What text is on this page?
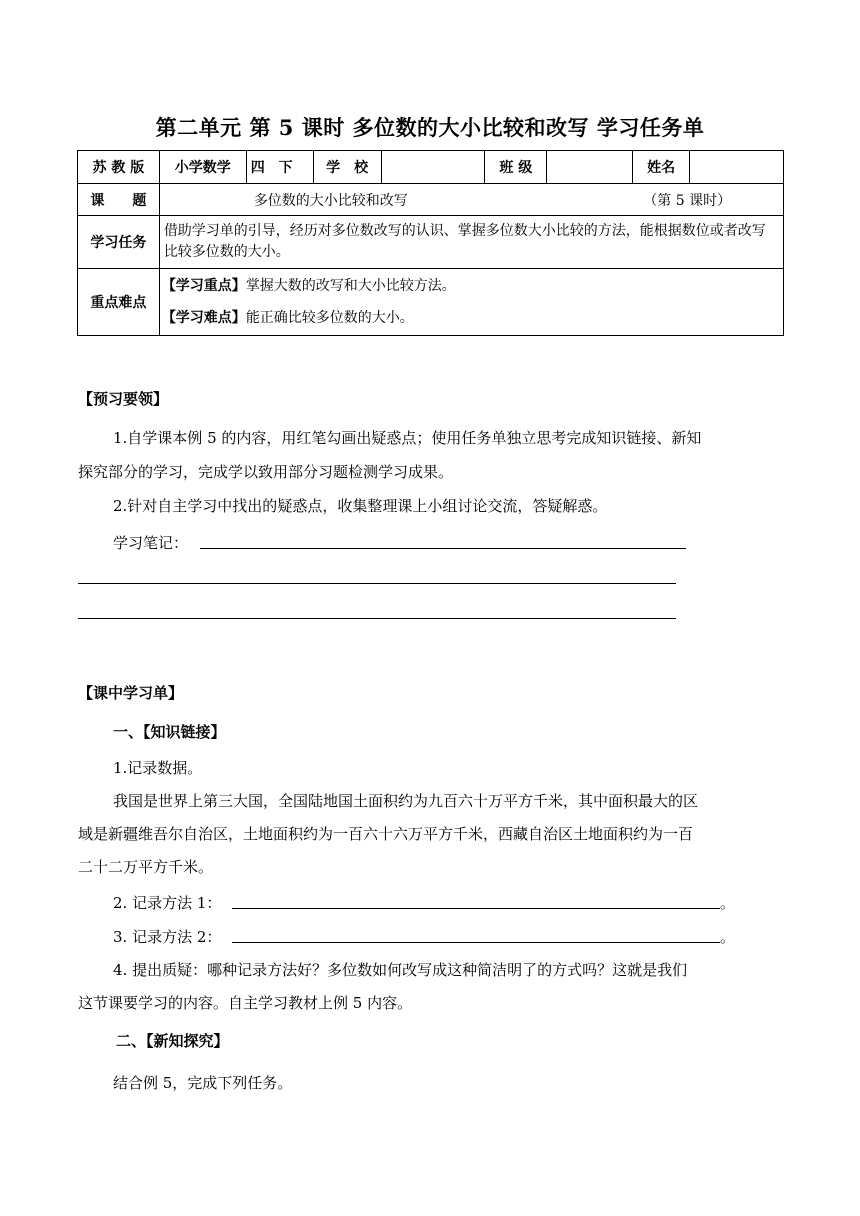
第二单元 第 5 课时 多位数的大小比较和改写 学习任务单
苏 教 版	小学数学	四　下	学　校		班 级		姓名	
课　　题	多位数的大小比较和改写 （第 5 课时）							
学习任务	借助学习单的引导，经历对多位数改写的认识、掌握多位数大小比较的方法，能根据数位或者改写比较多位数的大小。							
重点难点	【学习重点】掌握大数的改写和大小比较方法。
【学习难点】能正确比较多位数的大小。							
【预习要领】
1.自学课本例 5 的内容，用红笔勾画出疑惑点；使用任务单独立思考完成知识链接、新知
探究部分的学习，完成学以致用部分习题检测学习成果。
2.针对自主学习中找出的疑惑点，收集整理课上小组讨论交流，答疑解惑。
学习笔记：
【课中学习单】
一、【知识链接】
1.记录数据。
我国是世界上第三大国，全国陆地国土面积约为九百六十万平方千米，其中面积最大的区
域是新疆维吾尔自治区，土地面积约为一百六十六万平方千米，西藏自治区土地面积约为一百
二十二万平方千米。
2. 记录方法 1：	。
3. 记录方法 2：	。
4. 提出质疑：哪种记录方法好？多位数如何改写成这种简洁明了的方式吗？这就是我们
这节课要学习的内容。自主学习教材上例 5 内容。
二、【新知探究】
结合例 5，完成下列任务。
